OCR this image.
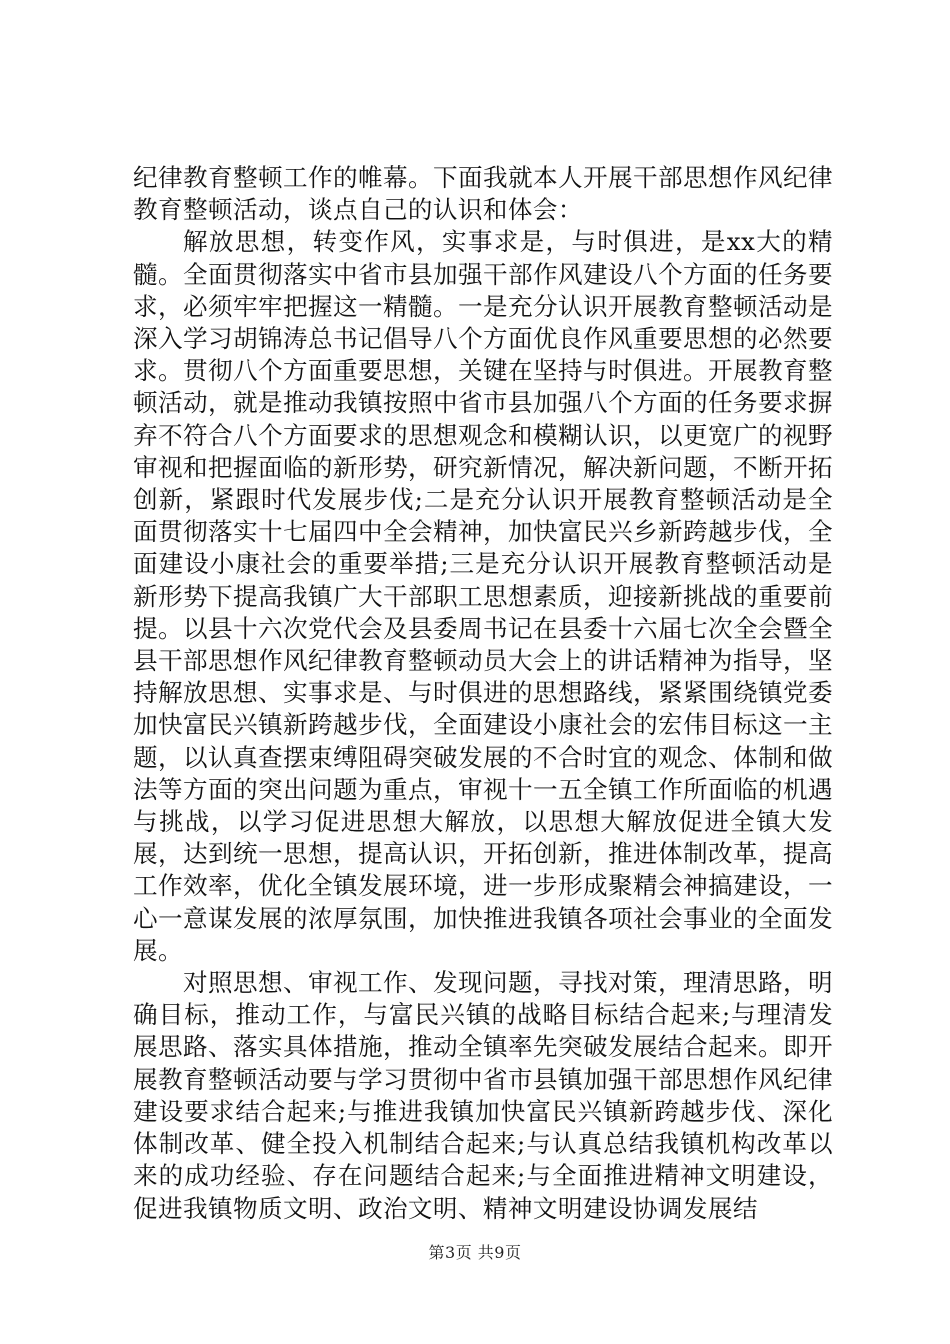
纪律教育整顿工作的帷幕。下面我就本人开展干部思想作风纪律教育整顿活动，谈点自己的认识和体会：

解放思想，转变作风，实事求是，与时俱进，是xx大的精髓。全面贯彻落实中省市县加强干部作风建设八个方面的任务要求，必须牢牢把握这一精髓。一是充分认识开展教育整顿活动是深入学习胡锦涛总书记倡导八个方面优良作风重要思想的必然要求。贯彻八个方面重要思想，关键在坚持与时俱进。开展教育整顿活动，就是推动我镇按照中省市县加强八个方面的任务要求摒弃不符合八个方面要求的思想观念和模糊认识，以更宽广的视野审视和把握面临的新形势，研究新情况，解决新问题，不断开拓创新，紧跟时代发展步伐;二是充分认识开展教育整顿活动是全面贯彻落实十七届四中全会精神，加快富民兴乡新跨越步伐，全面建设小康社会的重要举措;三是充分认识开展教育整顿活动是新形势下提高我镇广大干部职工思想素质，迎接新挑战的重要前提。以县十六次党代会及县委周书记在县委十六届七次全会暨全县干部思想作风纪律教育整顿动员大会上的讲话精神为指导，坚持解放思想、实事求是、与时俱进的思想路线，紧紧围绕镇党委加快富民兴镇新跨越步伐，全面建设小康社会的宏伟目标这一主题，以认真查摆束缚阻碍突破发展的不合时宜的观念、体制和做法等方面的突出问题为重点，审视十一五全镇工作所面临的机遇与挑战，以学习促进思想大解放，以思想大解放促进全镇大发展，达到统一思想，提高认识，开拓创新，推进体制改革，提高工作效率，优化全镇发展环境，进一步形成聚精会神搞建设，一心一意谋发展的浓厚氛围，加快推进我镇各项社会事业的全面发展。

对照思想、审视工作、发现问题，寻找对策，理清思路，明确目标，推动工作，与富民兴镇的战略目标结合起来;与理清发展思路、落实具体措施，推动全镇率先突破发展结合起来。即开展教育整顿活动要与学习贯彻中省市县镇加强干部思想作风纪律建设要求结合起来;与推进我镇加快富民兴镇新跨越步伐、深化体制改革、健全投入机制结合起来;与认真总结我镇机构改革以来的成功经验、存在问题结合起来;与全面推进精神文明建设，促进我镇物质文明、政治文明、精神文明建设协调发展结

第3页 共9页
